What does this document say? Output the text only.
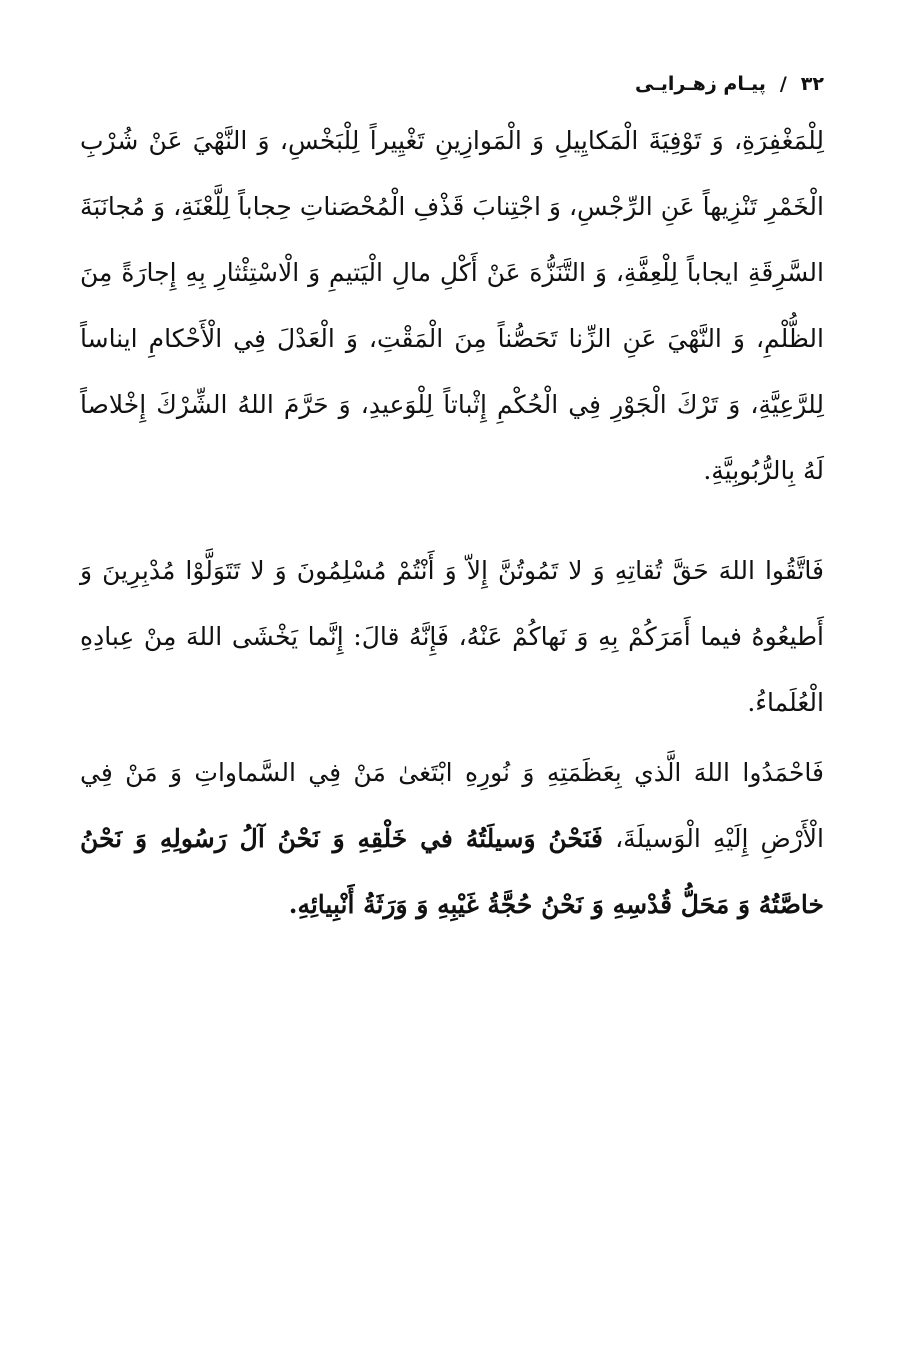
۳۲
/
پیـام زهـرایـی

لِلْمَغْفِرَةِ، وَ تَوْفِيَةَ الْمَكايِيلِ وَ الْمَوازِينِ تَغْيِيراً لِلْبَخْسِ، وَ النَّهْيَ عَنْ شُرْبِ الْخَمْرِ تَنْزِيهاً عَنِ الرِّجْسِ، وَ اجْتِنابَ قَذْفِ الْمُحْصَناتِ حِجاباً لِلَّعْنَةِ، وَ مُجانَبَةَ السَّرِقَةِ ايجاباً لِلْعِفَّةِ، وَ التَّنَزُّهَ عَنْ أَكْلِ مالِ الْيَتيمِ وَ الْاسْتِئْثارِ بِهِ إِجارَةً مِنَ الظُّلْمِ، وَ النَّهْيَ عَنِ الزِّنا تَحَصُّناً مِنَ الْمَقْتِ، وَ الْعَدْلَ فِي الْأَحْكامِ ايناساً لِلرَّعِيَّةِ، وَ تَرْكَ الْجَوْرِ فِي الْحُكْمِ إِثْباتاً لِلْوَعيدِ، وَ حَرَّمَ اللهُ الشِّرْكَ إِخْلاصاً لَهُ بِالرُّبُوبِيَّةِ.

فَاتَّقُوا اللهَ حَقَّ تُقاتِهِ وَ لا تَمُوتُنَّ إِلاّ وَ أَنْتُمْ مُسْلِمُونَ وَ لا تَتَوَلَّوْا مُدْبِرِينَ وَ أَطيعُوهُ فيما أَمَرَكُمْ بِهِ وَ نَهاكُمْ عَنْهُ، فَإِنَّهُ قالَ: إِنَّما يَخْشَى اللهَ مِنْ عِبادِهِ الْعُلَماءُ.

فَاحْمَدُوا اللهَ الَّذي بِعَظَمَتِهِ وَ نُورِهِ ابْتَغىٰ مَنْ فِي السَّماواتِ وَ مَنْ فِي الْأَرْضِ إِلَيْهِ الْوَسيلَةَ، فَنَحْنُ وَسيلَتُهُ في خَلْقِهِ وَ نَحْنُ آلُ رَسُولِهِ وَ نَحْنُ خاصَّتُهُ وَ مَحَلُّ قُدْسِهِ وَ نَحْنُ حُجَّةُ غَيْبِهِ وَ وَرَثَةُ أَنْبِيائِهِ.
